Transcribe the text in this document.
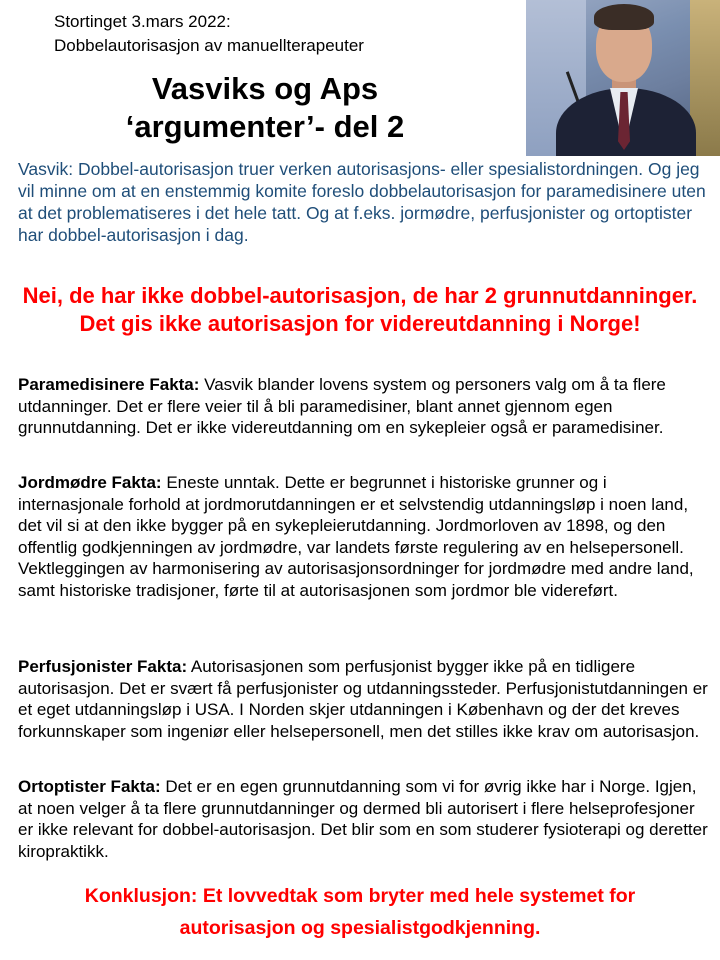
Stortinget 3.mars 2022:

Dobbelautorisasjon av manuellterapeuter

Vasviks og Aps
‘argumenter’- del 2

Vasvik: Dobbel-autorisasjon truer verken autorisasjons- eller spesialistordningen. Og jeg vil minne om at en enstemmig komite foreslo dobbelautorisasjon for paramedisinere uten at det problematiseres i det hele tatt. Og at f.eks. jormødre, perfusjonister og ortoptister har dobbel-autorisasjon i dag.

Nei, de har ikke dobbel-autorisasjon, de har 2 grunnutdanninger. Det gis ikke autorisasjon for videreutdanning i Norge!

Paramedisinere Fakta: Vasvik blander lovens system og personers valg om å ta flere utdanninger. Det er flere veier til å bli paramedisiner, blant annet gjennom egen grunnutdanning. Det er ikke videreutdanning om en sykepleier også er paramedisiner.

Jordmødre Fakta: Eneste unntak. Dette er begrunnet i historiske grunner og i internasjonale forhold at jordmorutdanningen er et selvstendig utdanningsløp i noen land, det vil si at den ikke bygger på en sykepleierutdanning. Jordmorloven av 1898, og den offentlig godkjenningen av jordmødre, var landets første regulering av en helsepersonell. Vektleggingen av harmonisering av autorisasjonsordninger for jordmødre med andre land, samt historiske tradisjoner, førte til at autorisasjonen som jordmor ble videreført.

Perfusjonister Fakta: Autorisasjonen som perfusjonist bygger ikke på en tidligere autorisasjon. Det er svært få perfusjonister og utdanningssteder. Perfusjonistutdanningen er et eget utdanningsløp i USA. I Norden skjer utdanningen i København og der det kreves forkunnskaper som ingeniør eller helsepersonell, men det stilles ikke krav om autorisasjon.

Ortoptister Fakta: Det er en egen grunnutdanning som vi for øvrig ikke har i Norge. Igjen, at noen velger å ta flere grunnutdanninger og dermed bli autorisert i flere helseprofesjoner er ikke relevant for dobbel-autorisasjon. Det blir som en som studerer fysioterapi og deretter kiropraktikk.

Konklusjon: Et lovvedtak som bryter med hele systemet for
autorisasjon og spesialistgodkjenning.
